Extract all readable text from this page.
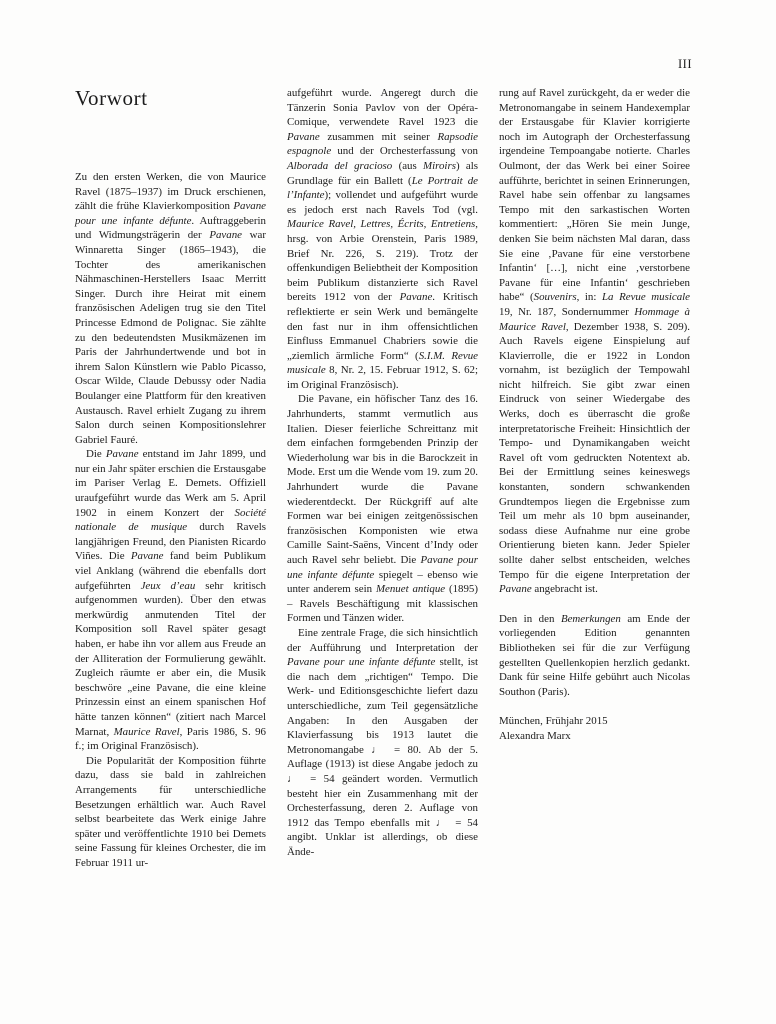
III
Vorwort

Zu den ersten Werken, die von Maurice Ravel (1875–1937) im Druck erschienen, zählt die frühe Klavierkomposition Pavane pour une infante défunte. Auftraggeberin und Widmungsträgerin der Pavane war Winnaretta Singer (1865–1943), die Tochter des amerikanischen Nähmaschinen-Herstellers Isaac Merritt Singer. Durch ihre Heirat mit einem französischen Adeligen trug sie den Titel Princesse Edmond de Polignac. Sie zählte zu den bedeutendsten Musikmäzenen im Paris der Jahrhundertwende und bot in ihrem Salon Künstlern wie Pablo Picasso, Oscar Wilde, Claude Debussy oder Nadia Boulanger eine Plattform für den kreativen Austausch. Ravel erhielt Zugang zu ihrem Salon durch seinen Kompositionslehrer Gabriel Fauré.

Die Pavane entstand im Jahr 1899, und nur ein Jahr später erschien die Erstausgabe im Pariser Verlag E. Demets. Offiziell uraufgeführt wurde das Werk am 5. April 1902 in einem Konzert der Société nationale de musique durch Ravels langjährigen Freund, den Pianisten Ricardo Viñes. Die Pavane fand beim Publikum viel Anklang (während die ebenfalls dort aufgeführten Jeux d’eau sehr kritisch aufgenommen wurden). Über den etwas merkwürdig anmutenden Titel der Komposition soll Ravel später gesagt haben, er habe ihn vor allem aus Freude an der Alliteration der Formulierung gewählt. Zugleich räumte er aber ein, die Musik beschwöre „eine Pavane, die eine kleine Prinzessin einst an einem spanischen Hof hätte tanzen können“ (zitiert nach Marcel Marnat, Maurice Ravel, Paris 1986, S. 96 f.; im Original Französisch).

Die Popularität der Komposition führte dazu, dass sie bald in zahlreichen Arrangements für unterschiedliche Besetzungen erhältlich war. Auch Ravel selbst bearbeitete das Werk einige Jahre später und veröffentlichte 1910 bei Demets seine Fassung für kleines Orchester, die im Februar 1911 ur-

aufgeführt wurde. Angeregt durch die Tänzerin Sonia Pavlov von der Opéra-Comique, verwendete Ravel 1923 die Pavane zusammen mit seiner Rapsodie espagnole und der Orchesterfassung von Alborada del gracioso (aus Miroirs) als Grundlage für ein Ballett (Le Portrait de l’Infante); vollendet und aufgeführt wurde es jedoch erst nach Ravels Tod (vgl. Maurice Ravel, Lettres, Écrits, Entretiens, hrsg. von Arbie Orenstein, Paris 1989, Brief Nr. 226, S. 219). Trotz der offenkundigen Beliebtheit der Komposition beim Publikum distanzierte sich Ravel bereits 1912 von der Pavane. Kritisch reflektierte er sein Werk und bemängelte den fast nur in ihm offensichtlichen Einfluss Emmanuel Chabriers sowie die „ziemlich ärmliche Form“ (S.I.M. Revue musicale 8, Nr. 2, 15. Februar 1912, S. 62; im Original Französisch).

Die Pavane, ein höfischer Tanz des 16. Jahrhunderts, stammt vermutlich aus Italien. Dieser feierliche Schreittanz mit dem einfachen formgebenden Prinzip der Wiederholung war bis in die Barockzeit in Mode. Erst um die Wende vom 19. zum 20. Jahrhundert wurde die Pavane wiederentdeckt. Der Rückgriff auf alte Formen war bei einigen zeitgenössischen französischen Komponisten wie etwa Camille Saint-Saëns, Vincent d’Indy oder auch Ravel sehr beliebt. Die Pavane pour une infante défunte spiegelt – ebenso wie unter anderem sein Menuet antique (1895) – Ravels Beschäftigung mit klassischen Formen und Tänzen wider.

Eine zentrale Frage, die sich hinsichtlich der Aufführung und Interpretation der Pavane pour une infante défunte stellt, ist die nach dem „richtigen“ Tempo. Die Werk- und Editionsgeschichte liefert dazu unterschiedliche, zum Teil gegensätzliche Angaben: In den Ausgaben der Klavierfassung bis 1913 lautet die Metronomangabe ♩ = 80. Ab der 5. Auflage (1913) ist diese Angabe jedoch zu ♩ = 54 geändert worden. Vermutlich besteht hier ein Zusammenhang mit der Orchesterfassung, deren 2. Auflage von 1912 das Tempo ebenfalls mit ♩ = 54 angibt. Unklar ist allerdings, ob diese Ände-

rung auf Ravel zurückgeht, da er weder die Metronomangabe in seinem Handexemplar der Erstausgabe für Klavier korrigierte noch im Autograph der Orchesterfassung irgendeine Tempoangabe notierte. Charles Oulmont, der das Werk bei einer Soiree aufführte, berichtet in seinen Erinnerungen, Ravel habe sein offenbar zu langsames Tempo mit den sarkastischen Worten kommentiert: „Hören Sie mein Junge, denken Sie beim nächsten Mal daran, dass Sie eine ‚Pavane für eine verstorbene Infantin‘ […], nicht eine ‚verstorbene Pavane für eine Infantin‘ geschrieben habe“ (Souvenirs, in: La Revue musicale 19, Nr. 187, Sondernummer Hommage à Maurice Ravel, Dezember 1938, S. 209). Auch Ravels eigene Einspielung auf Klavierrolle, die er 1922 in London vornahm, ist bezüglich der Tempowahl nicht hilfreich. Sie gibt zwar einen Eindruck von seiner Wiedergabe des Werks, doch es überrascht die große interpretatorische Freiheit: Hinsichtlich der Tempo- und Dynamikangaben weicht Ravel oft vom gedruckten Notentext ab. Bei der Ermittlung seines keineswegs konstanten, sondern schwankenden Grundtempos liegen die Ergebnisse zum Teil um mehr als 10 bpm auseinander, sodass diese Aufnahme nur eine grobe Orientierung bieten kann. Jeder Spieler sollte daher selbst entscheiden, welches Tempo für die eigene Interpretation der Pavane angebracht ist.

Den in den Bemerkungen am Ende der vorliegenden Edition genannten Bibliotheken sei für die zur Verfügung gestellten Quellenkopien herzlich gedankt. Dank für seine Hilfe gebührt auch Nicolas Southon (Paris).

München, Frühjahr 2015

Alexandra Marx
